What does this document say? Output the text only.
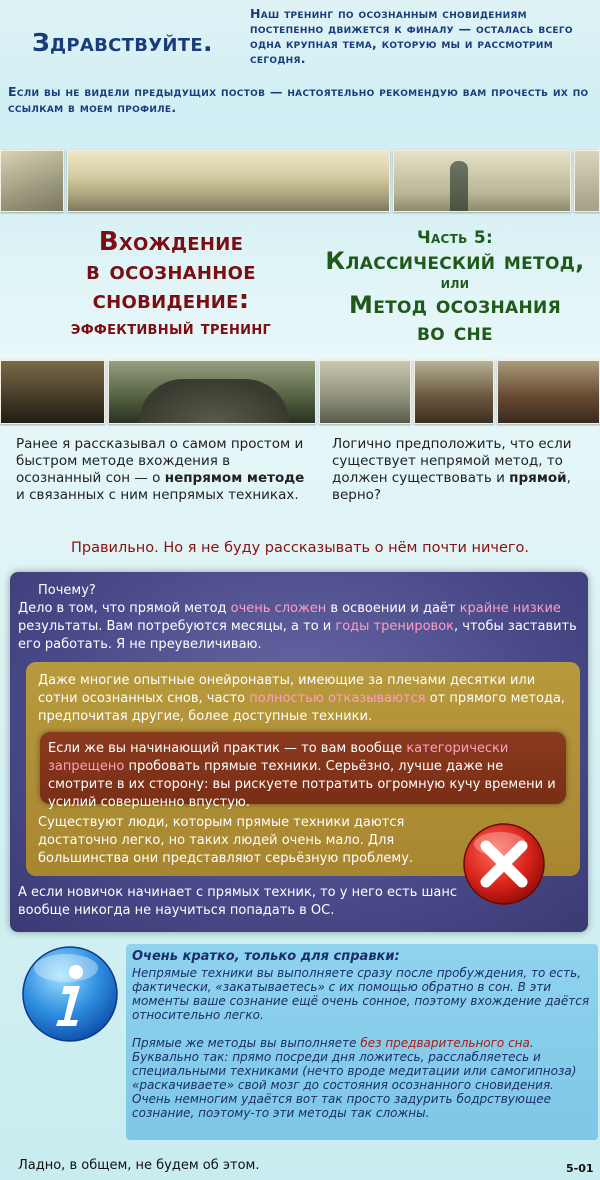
Здравствуйте.
Наш тренинг по осознанным сновидениям постепенно движется к финалу — осталась всего одна крупная тема, которую мы и рассмотрим сегодня.
Если вы не видели предыдущих постов — настоятельно рекомендую вам прочесть их по ссылкам в моем профиле.
Вхождение
в осознанное
сновидение:
эффективный тренинг
Часть 5:
Классический метод,
или
Метод осознания
во сне
Ранее я рассказывал о самом простом и быстром методе вхождения в осознанный сон — о непрямом методе и связанных с ним непрямых техниках.
Логично предположить, что если существует непрямой метод, то должен существовать и прямой, верно?
Правильно. Но я не буду рассказывать о нём почти ничего.
Почему?
Дело в том, что прямой метод очень сложен в освоении и даёт крайне низкие результаты. Вам потребуются месяцы, а то и годы тренировок, чтобы заставить его работать. Я не преувеличиваю.
Даже многие опытные онейронавты, имеющие за плечами десятки или сотни осознанных снов, часто полностью отказываются от прямого метода, предпочитая другие, более доступные техники.
Если же вы начинающий практик — то вам вообще категорически запрещено пробовать прямые техники. Серьёзно, лучше даже не смотрите в их сторону: вы рискуете потратить огромную кучу времени и усилий совершенно впустую.
Существуют люди, которым прямые техники даются достаточно легко, но таких людей очень мало. Для большинства они представляют серьёзную проблему.
А если новичок начинает с прямых техник, то у него есть шанс вообще никогда не научиться попадать в ОС.
Очень кратко, только для справки:
Непрямые техники вы выполняете сразу после пробуждения, то есть, фактически, «закатываетесь» с их помощью обратно в сон. В эти моменты ваше сознание ещё очень сонное, поэтому вхождение даётся относительно легко.
Прямые же методы вы выполняете без предварительного сна. Буквально так: прямо посреди дня ложитесь, расслабляетесь и специальными техниками (нечто вроде медитации или самогипноза) «раскачиваете» свой мозг до состояния осознанного сновидения. Очень немногим удаётся вот так просто задурить бодрствующее сознание, поэтому-то эти методы так сложны.
Ладно, в общем, не будем об этом.	5-01
